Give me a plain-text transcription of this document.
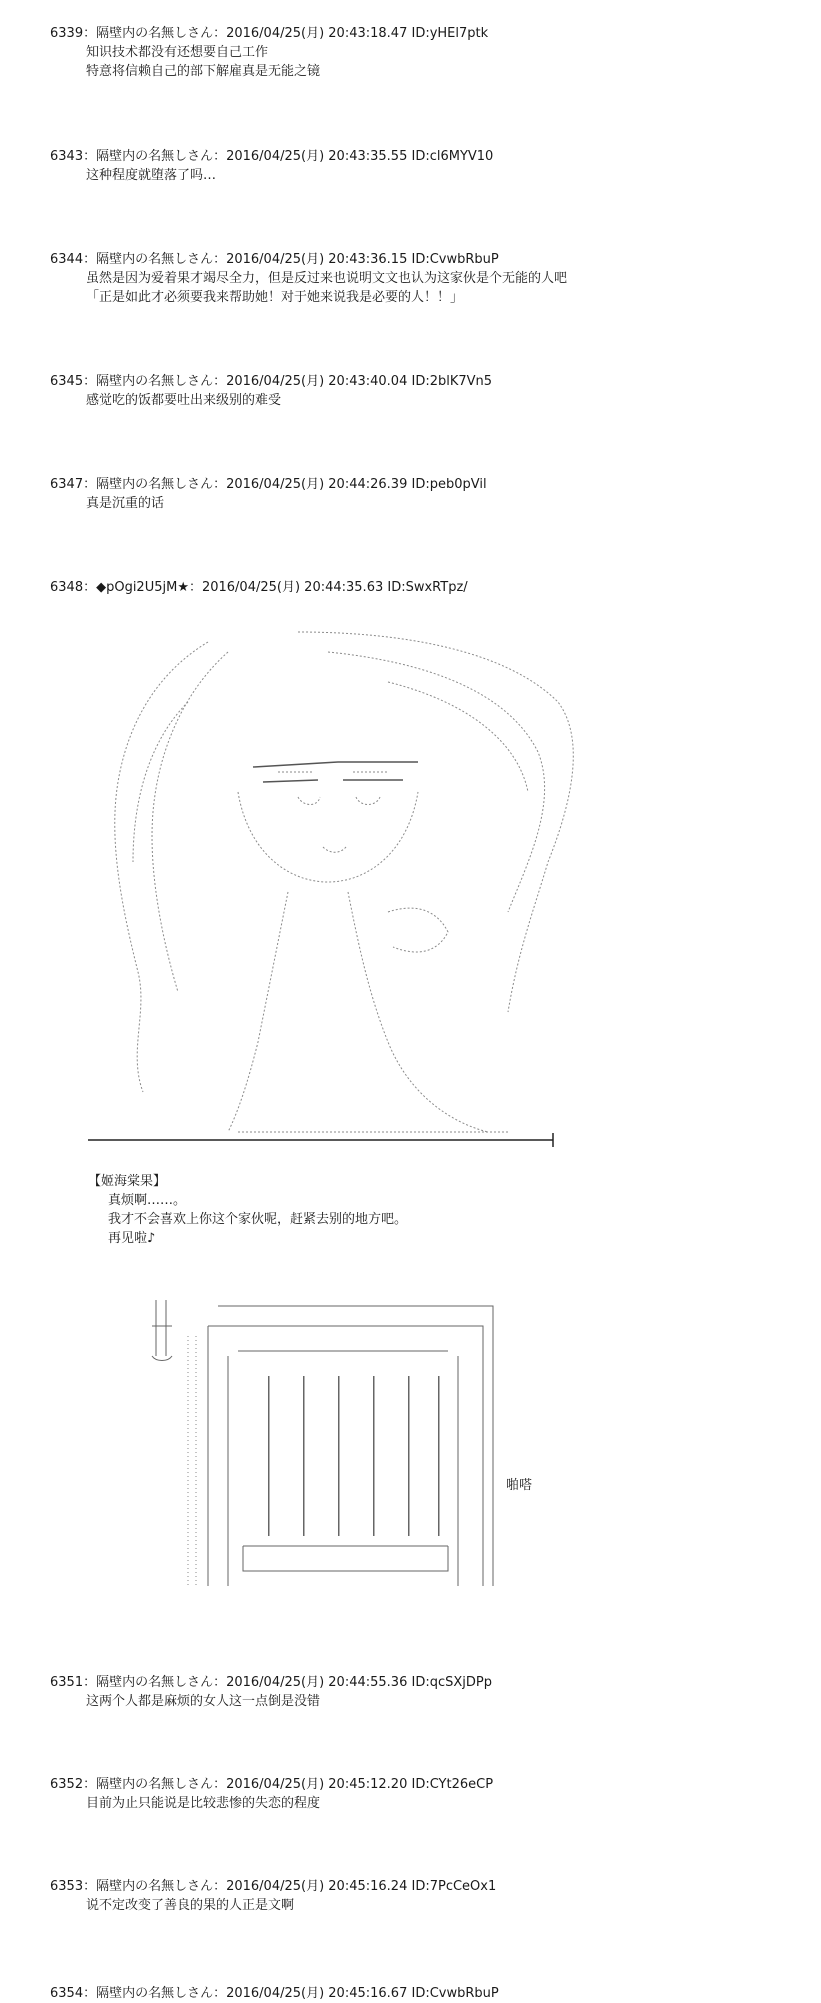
6339：隔壁内の名無しさん：2016/04/25(月) 20:43:18.47 ID:yHEl7ptk
知识技术都没有还想要自己工作
特意将信赖自己的部下解雇真是无能之镜
6343：隔壁内の名無しさん：2016/04/25(月) 20:43:35.55 ID:cl6MYV10
这种程度就堕落了吗…
6344：隔壁内の名無しさん：2016/04/25(月) 20:43:36.15 ID:CvwbRbuP
虽然是因为爱着果才竭尽全力，但是反过来也说明文文也认为这家伙是个无能的人吧
「正是如此才必须要我来帮助她！对于她来说我是必要的人！！」
6345：隔壁内の名無しさん：2016/04/25(月) 20:43:40.04 ID:2blK7Vn5
感觉吃的饭都要吐出来级别的难受
6347：隔壁内の名無しさん：2016/04/25(月) 20:44:26.39 ID:peb0pVil
真是沉重的话
6348：◆pOgi2U5jM★：2016/04/25(月) 20:44:35.63 ID:SwxRTpz/
【姬海棠果】
真烦啊……。
我才不会喜欢上你这个家伙呢，赶紧去别的地方吧。
再见啦♪
啪嗒
6351：隔壁内の名無しさん：2016/04/25(月) 20:44:55.36 ID:qcSXjDPp
这两个人都是麻烦的女人这一点倒是没错
6352：隔壁内の名無しさん：2016/04/25(月) 20:45:12.20 ID:CYt26eCP
目前为止只能说是比较悲惨的失恋的程度
6353：隔壁内の名無しさん：2016/04/25(月) 20:45:16.24 ID:7PcCeOx1
说不定改变了善良的果的人正是文啊
6354：隔壁内の名無しさん：2016/04/25(月) 20:45:16.67 ID:CvwbRbuP
